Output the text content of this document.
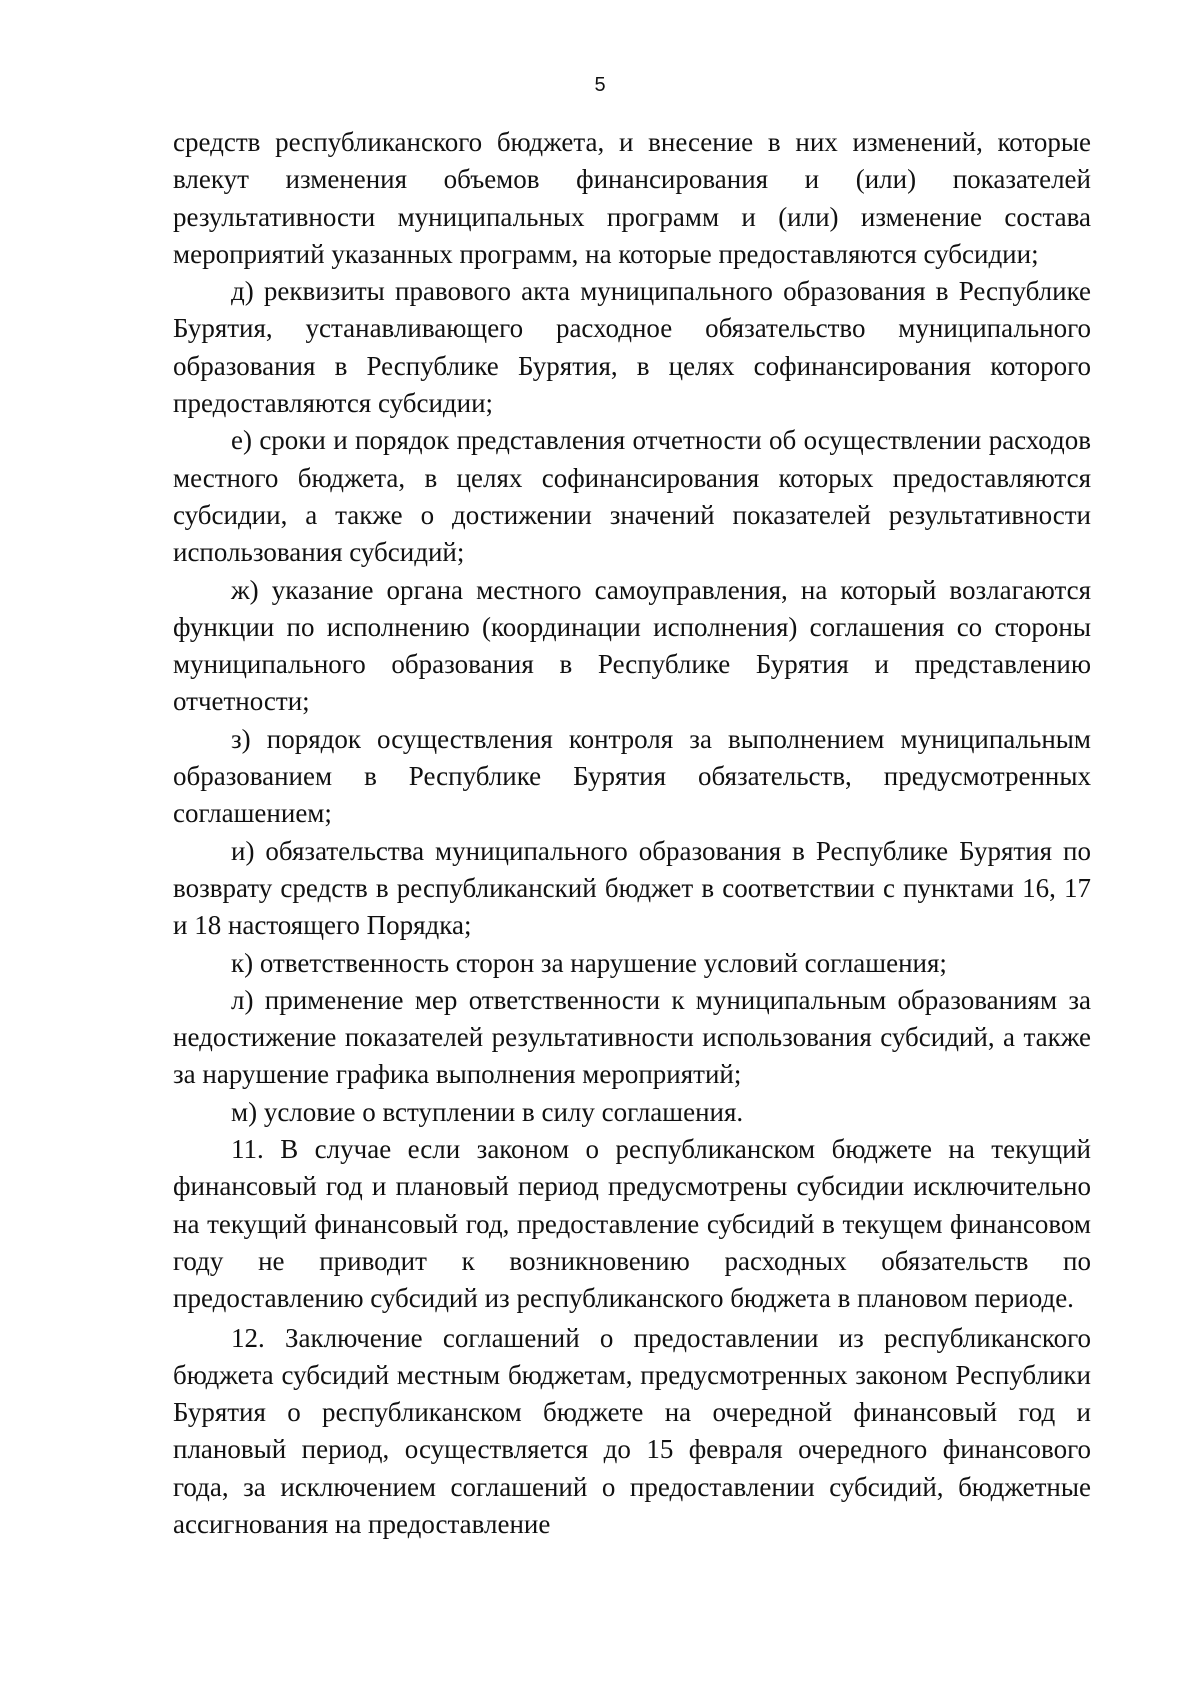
5

средств республиканского бюджета, и внесение в них изменений, которые влекут изменения объемов финансирования и (или) показателей результативности муниципальных программ и (или) изменение состава мероприятий указанных программ, на которые предоставляются субсидии;

д) реквизиты правового акта муниципального образования в Республике Бурятия, устанавливающего расходное обязательство муниципального образования в Республике Бурятия, в целях софинансирования которого предоставляются субсидии;

е) сроки и порядок представления отчетности об осуществлении расходов местного бюджета, в целях софинансирования которых предоставляются субсидии, а также о достижении значений показателей результативности использования субсидий;

ж) указание органа местного самоуправления, на который возлагаются функции по исполнению (координации исполнения) соглашения со стороны муниципального образования в Республике Бурятия и представлению отчетности;

з) порядок осуществления контроля за выполнением муниципальным образованием в Республике Бурятия обязательств, предусмотренных соглашением;

и) обязательства муниципального образования в Республике Бурятия по возврату средств в республиканский бюджет в соответствии с пунктами 16, 17 и 18 настоящего Порядка;

к) ответственность сторон за нарушение условий соглашения;

л) применение мер ответственности к муниципальным образованиям за недостижение показателей результативности использования субсидий, а также за нарушение графика выполнения мероприятий;

м) условие о вступлении в силу соглашения.

11. В случае если законом о республиканском бюджете на текущий финансовый год и плановый период предусмотрены субсидии исключительно на текущий финансовый год, предоставление субсидий в текущем финансовом году не приводит к возникновению расходных обязательств по предоставлению субсидий из республиканского бюджета в плановом периоде.

12. Заключение соглашений о предоставлении из республиканского бюджета субсидий местным бюджетам, предусмотренных законом Республики Бурятия о республиканском бюджете на очередной финансовый год и плановый период, осуществляется до 15 февраля очередного финансового года, за исключением соглашений о предоставлении субсидий, бюджетные ассигнования на предоставление
